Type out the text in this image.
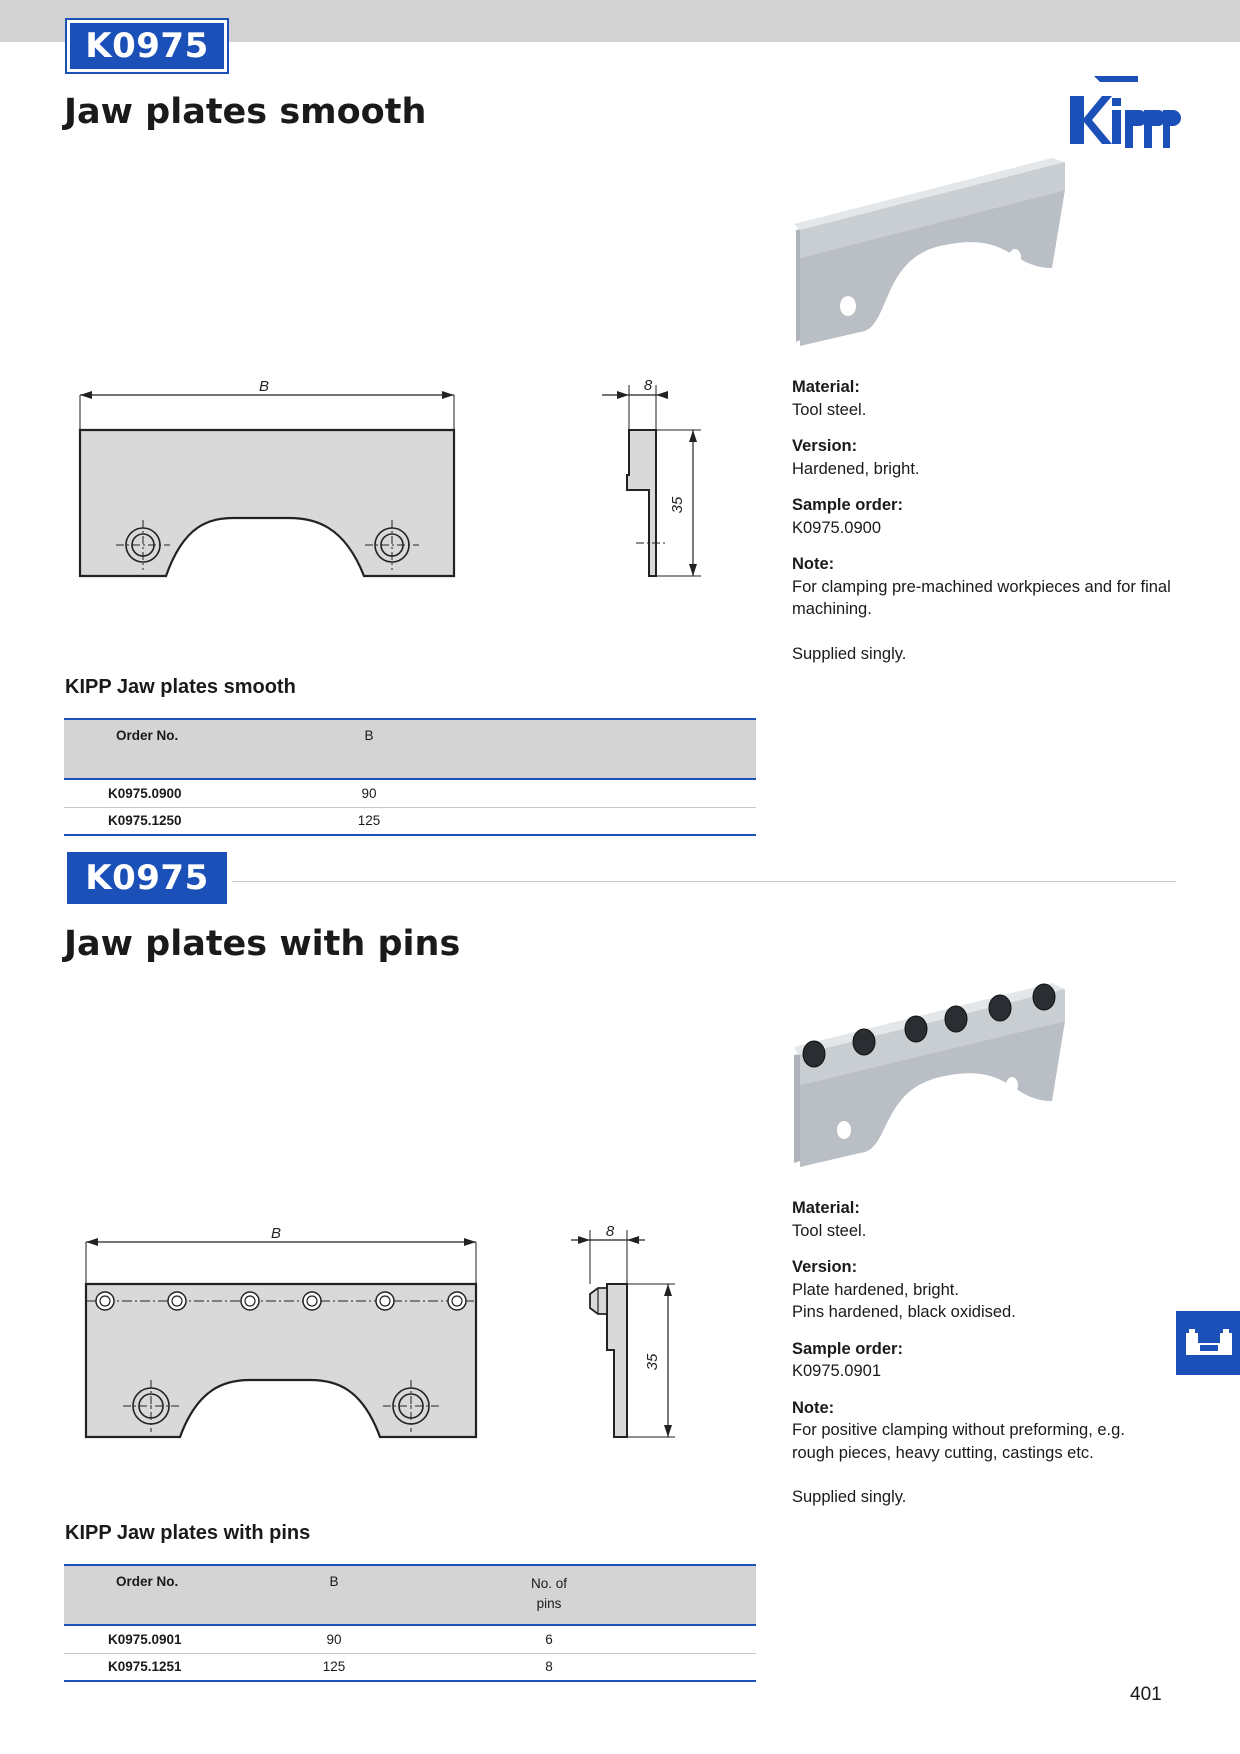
K0975
Jaw plates smooth
B	8
35
Material:
Tool steel.
Version:
Hardened, bright.
Sample order:
K0975.0900
Note:
For clamping pre-machined workpieces and for final machining.
Supplied singly.
KIPP Jaw plates smooth
Order No.	B	
K0975.0900	90	
K0975.1250	125	
K0975
Jaw plates with pins
B	8
35
Material:
Tool steel.
Version:
Plate hardened, bright.
Pins hardened, black oxidised.
Sample order:
K0975.0901
Note:
For positive clamping without preforming, e.g.
rough pieces, heavy cutting, castings etc.
Supplied singly.
KIPP Jaw plates with pins
Order No.	B	No. of
pins	
K0975.0901	90	6	
K0975.1251	125	8	
401
